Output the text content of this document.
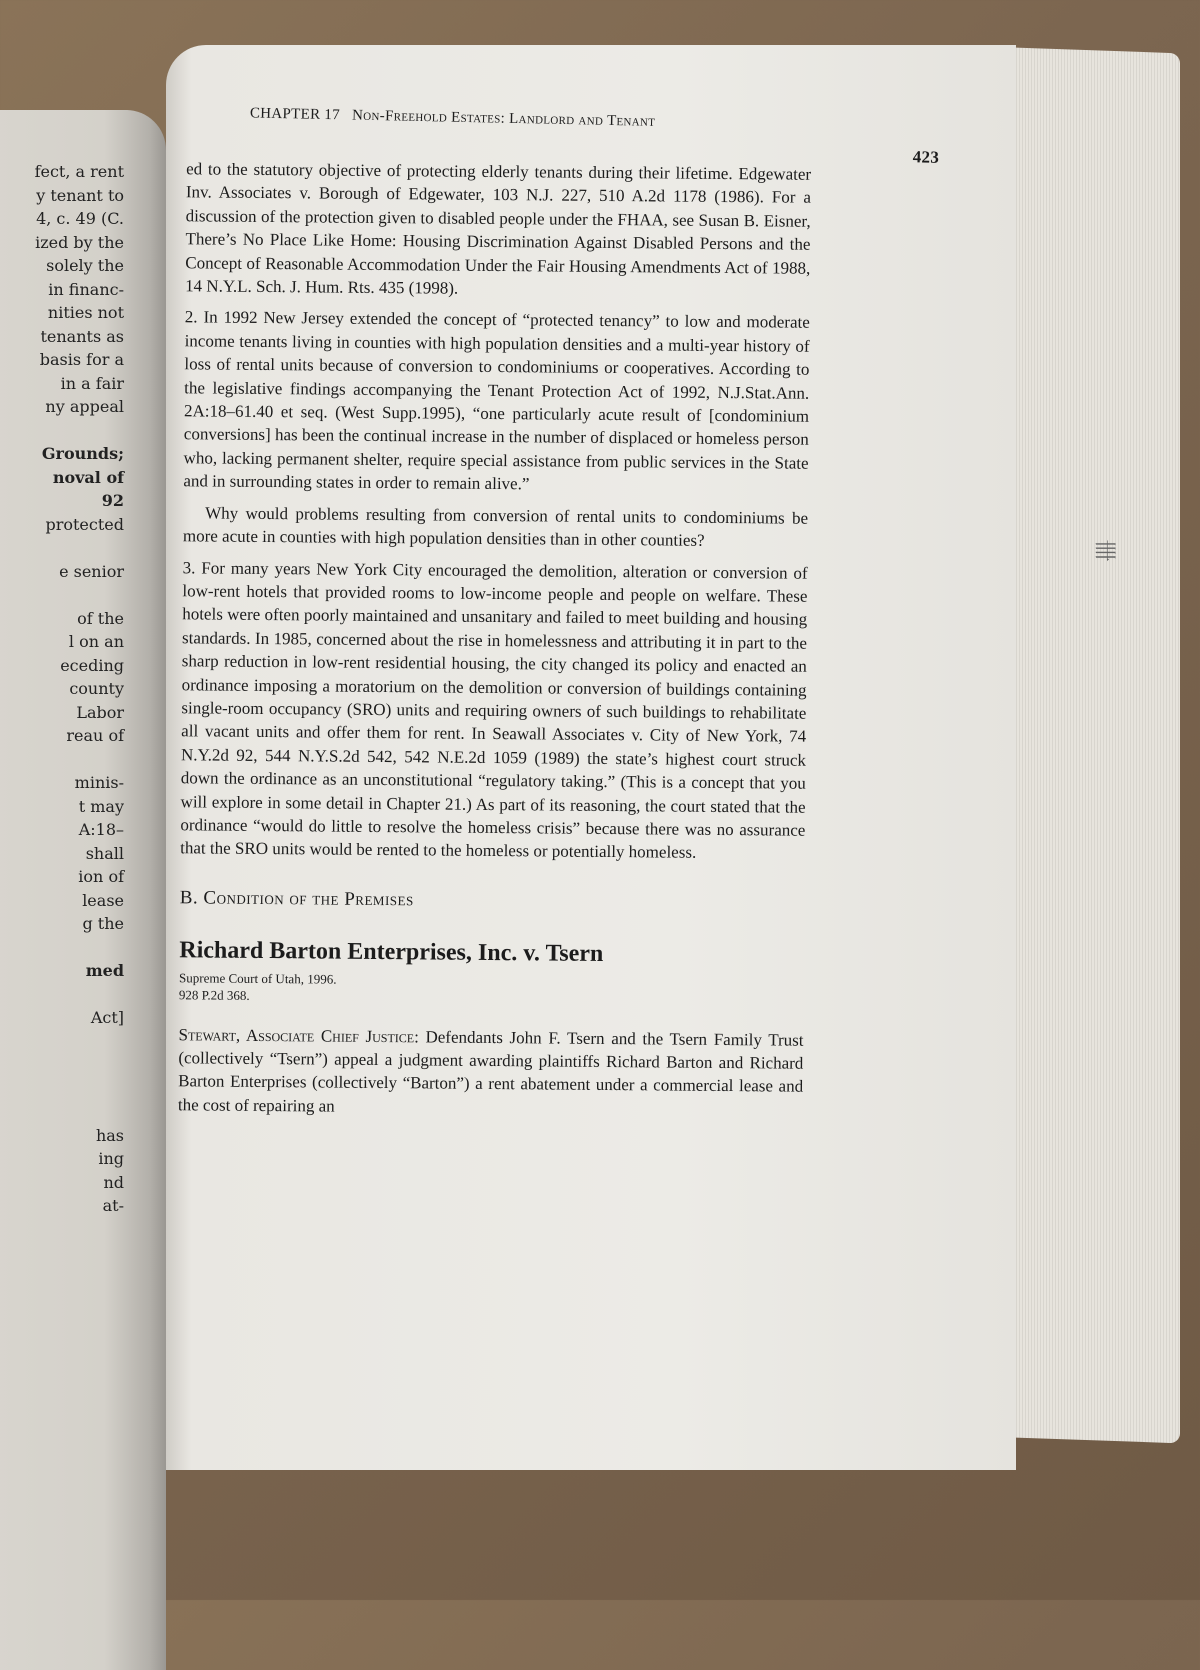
fect, a rent
y tenant to
4, c. 49 (C.
ized by the
solely the
in financ-
nities not
tenants as
basis for a
in a fair
ny appeal
Grounds;
noval of
92
protected
e senior
of the
l on an
eceding
county
Labor
reau of
minis-
t may
A:18–
shall
ion of
lease
g the
med
Act]
has
ing
nd
at-
卌
CHAPTER 17 Non-Freehold Estates: Landlord and Tenant
423

ed to the statutory objective of protecting elderly tenants during their lifetime. Edgewater Inv. Associates v. Borough of Edgewater, 103 N.J. 227, 510 A.2d 1178 (1986). For a discussion of the protection given to disabled people under the FHAA, see Susan B. Eisner, There’s No Place Like Home: Housing Discrimination Against Disabled Persons and the Concept of Reasonable Accommodation Under the Fair Housing Amendments Act of 1988, 14 N.Y.L. Sch. J. Hum. Rts. 435 (1998).

2. In 1992 New Jersey extended the concept of “protected tenancy” to low and moderate income tenants living in counties with high population densities and a multi-year history of loss of rental units because of conversion to condominiums or cooperatives. According to the legislative findings accompanying the Tenant Protection Act of 1992, N.J.Stat.Ann. 2A:18–61.40 et seq. (West Supp.1995), “one particularly acute result of [condominium conversions] has been the continual increase in the number of displaced or homeless person who, lacking permanent shelter, require special assistance from public services in the State and in surrounding states in order to remain alive.”

Why would problems resulting from conversion of rental units to condominiums be more acute in counties with high population densities than in other counties?

3. For many years New York City encouraged the demolition, alteration or conversion of low-rent hotels that provided rooms to low-income people and people on welfare. These hotels were often poorly maintained and unsanitary and failed to meet building and housing standards. In 1985, concerned about the rise in homelessness and attributing it in part to the sharp reduction in low-rent residential housing, the city changed its policy and enacted an ordinance imposing a moratorium on the demolition or conversion of buildings containing single-room occupancy (SRO) units and requiring owners of such buildings to rehabilitate all vacant units and offer them for rent. In Seawall Associates v. City of New York, 74 N.Y.2d 92, 544 N.Y.S.2d 542, 542 N.E.2d 1059 (1989) the state’s highest court struck down the ordinance as an unconstitutional “regulatory taking.” (This is a concept that you will explore in some detail in Chapter 21.) As part of its reasoning, the court stated that the ordinance “would do little to resolve the homeless crisis” because there was no assurance that the SRO units would be rented to the homeless or potentially homeless.

B. Condition of the Premises

Richard Barton Enterprises, Inc. v. Tsern

Supreme Court of Utah, 1996.
928 P.2d 368.

Stewart, Associate Chief Justice: Defendants John F. Tsern and the Tsern Family Trust (collectively “Tsern”) appeal a judgment awarding plaintiffs Richard Barton and Richard Barton Enterprises (collectively “Barton”) a rent abatement under a commercial lease and the cost of repairing an
